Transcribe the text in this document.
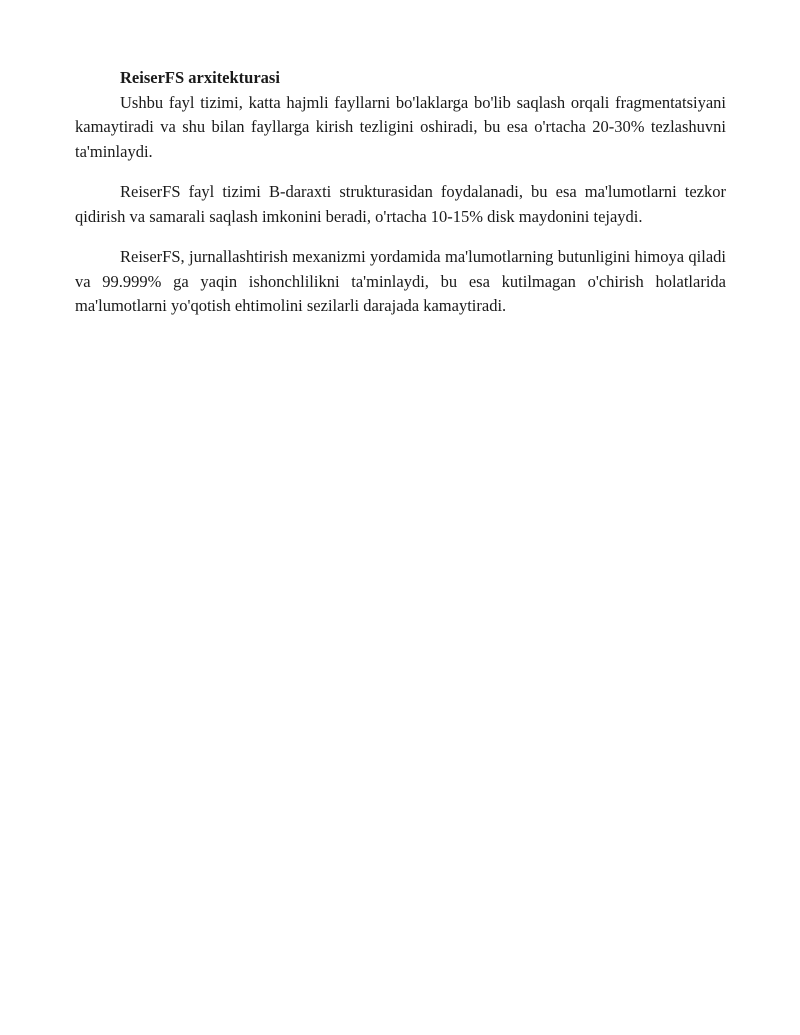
ReiserFS arxitekturasi

Ushbu fayl tizimi, katta hajmli fayllarni bo'laklarga bo'lib saqlash orqali fragmentatsiyani kamaytiradi va shu bilan fayllarga kirish tezligini oshiradi, bu esa o'rtacha 20-30% tezlashuvni ta'minlaydi.

ReiserFS fayl tizimi B-daraxti strukturasidan foydalanadi, bu esa ma'lumotlarni tezkor qidirish va samarali saqlash imkonini beradi, o'rtacha 10-15% disk maydonini tejaydi.

ReiserFS, jurnallashtirish mexanizmi yordamida ma'lumotlarning butunligini himoya qiladi va 99.999% ga yaqin ishonchlilikni ta'minlaydi, bu esa kutilmagan o'chirish holatlarida ma'lumotlarni yo'qotish ehtimolini sezilarli darajada kamaytiradi.
